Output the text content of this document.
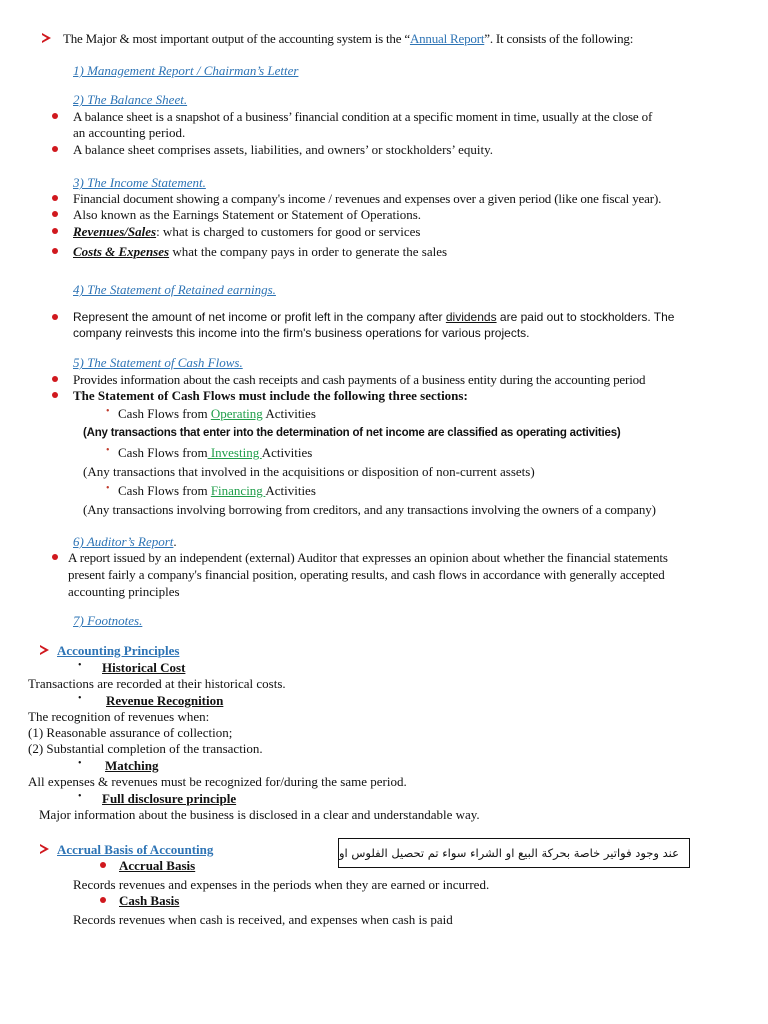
The Major & most important output of the accounting system is the “Annual Report”. It consists of the following:
1) Management Report / Chairman’s Letter
2) The Balance Sheet.
A balance sheet is a snapshot of a business’ financial condition at a specific moment in time, usually at the close of
an accounting period.
A balance sheet comprises assets, liabilities, and owners’ or stockholders’ equity.
3) The Income Statement.
Financial document showing a company's income / revenues and expenses over a given period (like one fiscal year).
Also known as the Earnings Statement or Statement of Operations.
Revenues/Sales: what is charged to customers for good or services
Costs & Expenses what the company pays in order to generate the sales
4) The Statement of Retained earnings.
Represent the amount of net income or profit left in the company after dividends are paid out to stockholders. The
company reinvests this income into the firm's business operations for various projects.
5) The Statement of Cash Flows.
Provides information about the cash receipts and cash payments of a business entity during the accounting period
The Statement of Cash Flows must include the following three sections:
• Cash Flows from Operating Activities
(Any transactions that enter into the determination of net income are classified as operating activities)
• Cash Flows from Investing Activities
(Any transactions that involved in the acquisitions or disposition of non-current assets)
• Cash Flows from Financing Activities
(Any transactions involving borrowing from creditors, and any transactions involving the owners of a company)
6) Auditor’s Report.
A report issued by an independent (external) Auditor that expresses an opinion about whether the financial statements
present fairly a company's financial position, operating results, and cash flows in accordance with generally accepted
accounting principles
7) Footnotes.
Accounting Principles
• Historical Cost
Transactions are recorded at their historical costs.
• Revenue Recognition
The recognition of revenues when:
(1) Reasonable assurance of collection;
(2) Substantial completion of the transaction.
• Matching
All expenses & revenues must be recognized for/during the same period.
• Full disclosure principle
Major information about the business is disclosed in a clear and understandable way.
Accrual Basis of Accounting	عند وجود فواتير خاصة بحركة البيع او الشراء سواء تم تحصيل الفلوس او
Accrual Basis
Records revenues and expenses in the periods when they are earned or incurred.
Cash Basis
Records revenues when cash is received, and expenses when cash is paid
